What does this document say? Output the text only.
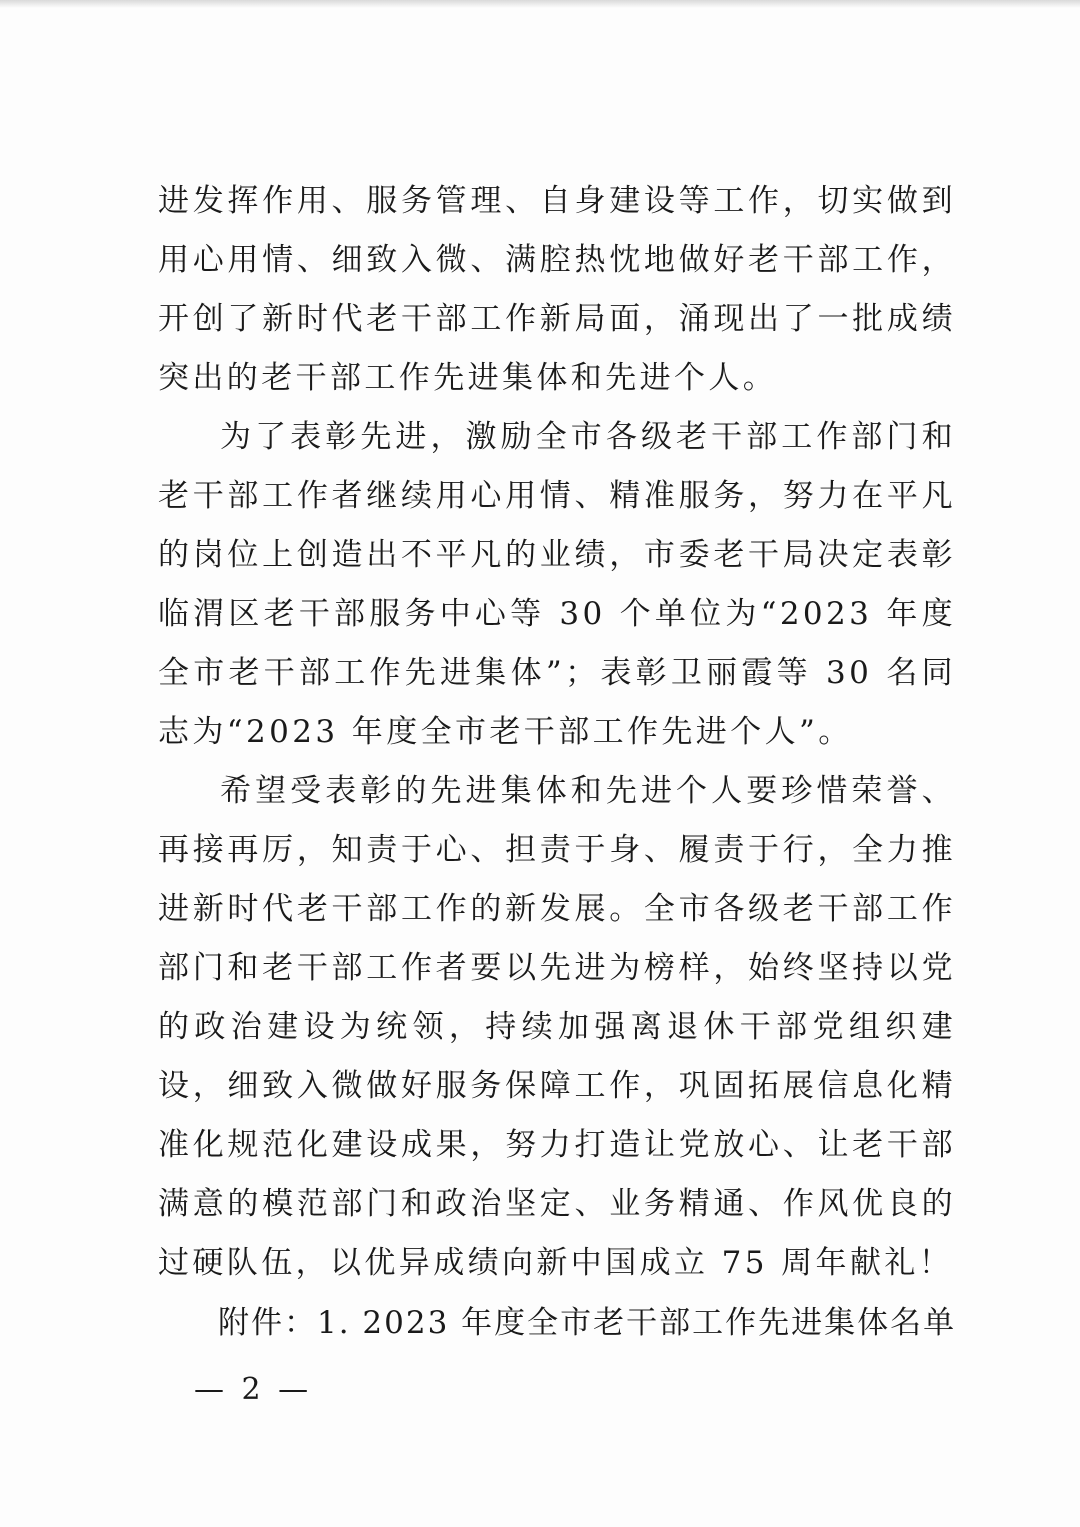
进发挥作用、服务管理、自身建设等工作，切实做到用心用情、细致入微、满腔热忱地做好老干部工作，开创了新时代老干部工作新局面，涌现出了一批成绩突出的老干部工作先进集体和先进个人。

为了表彰先进，激励全市各级老干部工作部门和老干部工作者继续用心用情、精准服务，努力在平凡的岗位上创造出不平凡的业绩，市委老干局决定表彰临渭区老干部服务中心等 30 个单位为“2023 年度全市老干部工作先进集体”；表彰卫丽霞等 30 名同志为“2023 年度全市老干部工作先进个人”。

希望受表彰的先进集体和先进个人要珍惜荣誉、再接再厉，知责于心、担责于身、履责于行，全力推进新时代老干部工作的新发展。全市各级老干部工作部门和老干部工作者要以先进为榜样，始终坚持以党的政治建设为统领，持续加强离退休干部党组织建设，细致入微做好服务保障工作，巩固拓展信息化精准化规范化建设成果，努力打造让党放心、让老干部满意的模范部门和政治坚定、业务精通、作风优良的过硬队伍，以优异成绩向新中国成立 75 周年献礼！

附件：1. 2023 年度全市老干部工作先进集体名单
— 2 —
